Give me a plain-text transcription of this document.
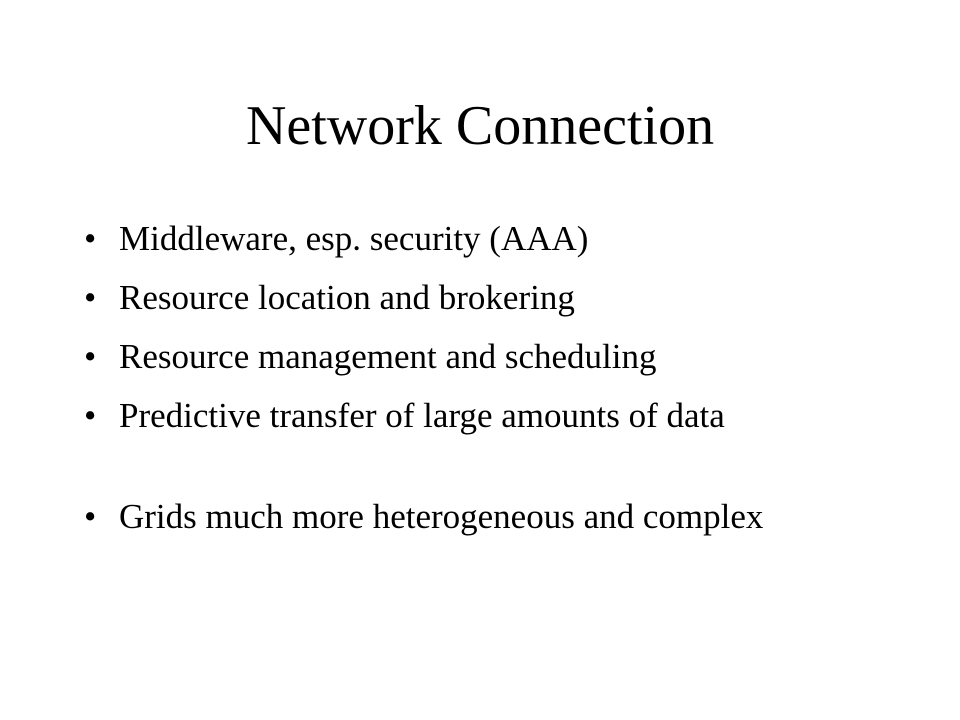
Network Connection
• Middleware, esp. security (AAA)
• Resource location and brokering
• Resource management and scheduling
• Predictive transfer of large amounts of data
• Grids much more heterogeneous and complex
